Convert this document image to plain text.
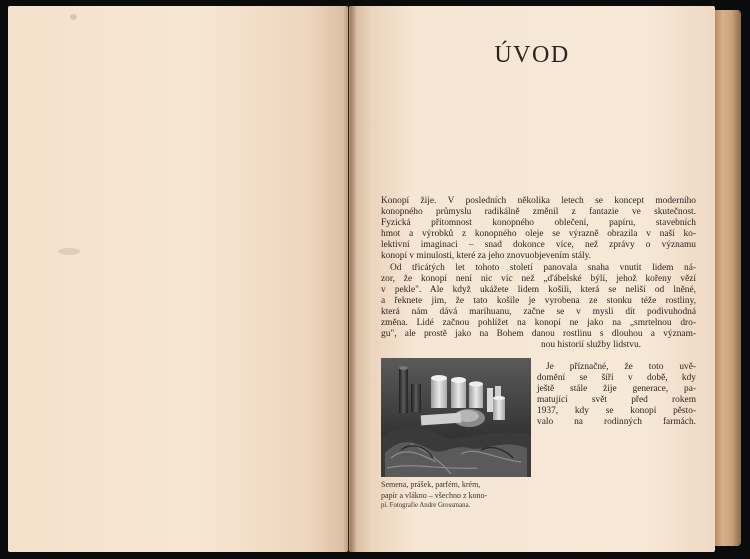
ÚVOD
Konopí žije. V posledních několika letech se koncept moderního
konopného průmyslu radikálně změnil z fantazie ve skutečnost.
Fyzická přítomnost konopného oblečení, papíru, stavebních
hmot a výrobků z konopného oleje se výrazně obrazila v naší ko-
lektivní imaginaci – snad dokonce více, než zprávy o významu
konopí v minulosti, které za jeho znovuobjevením stály.
Od třicátých let tohoto století panovala snaha vnutit lidem ná-
zor, že konopí není nic víc než „ďábelské býlí, jehož kořeny vězí
v pekle". Ale když ukážete lidem košili, která se neliší od lněné,
a řeknete jim, že tato košile je vyrobena ze stonku téže rostliny,
která nám dává marihuanu, začne se v mysli dít podivuhodná
změna. Lidé začnou pohlížet na konopí ne jako na „smrtelnou dro-
gu", ale prostě jako na Bohem danou rostlinu s dlouhou a význam-
nou historií služby lidstvu.
Je příznačné, že toto uvě-
domění se šíří v době, kdy
ještě stále žije generace, pa-
matující svět před rokem
1937, kdy se konopí pěsto-
valo na rodinných farmách.
Semena, prášek, parfém, krém,
papír a vlákno – všechno z kono-
pí. Fotografie Andre Grossmana.
